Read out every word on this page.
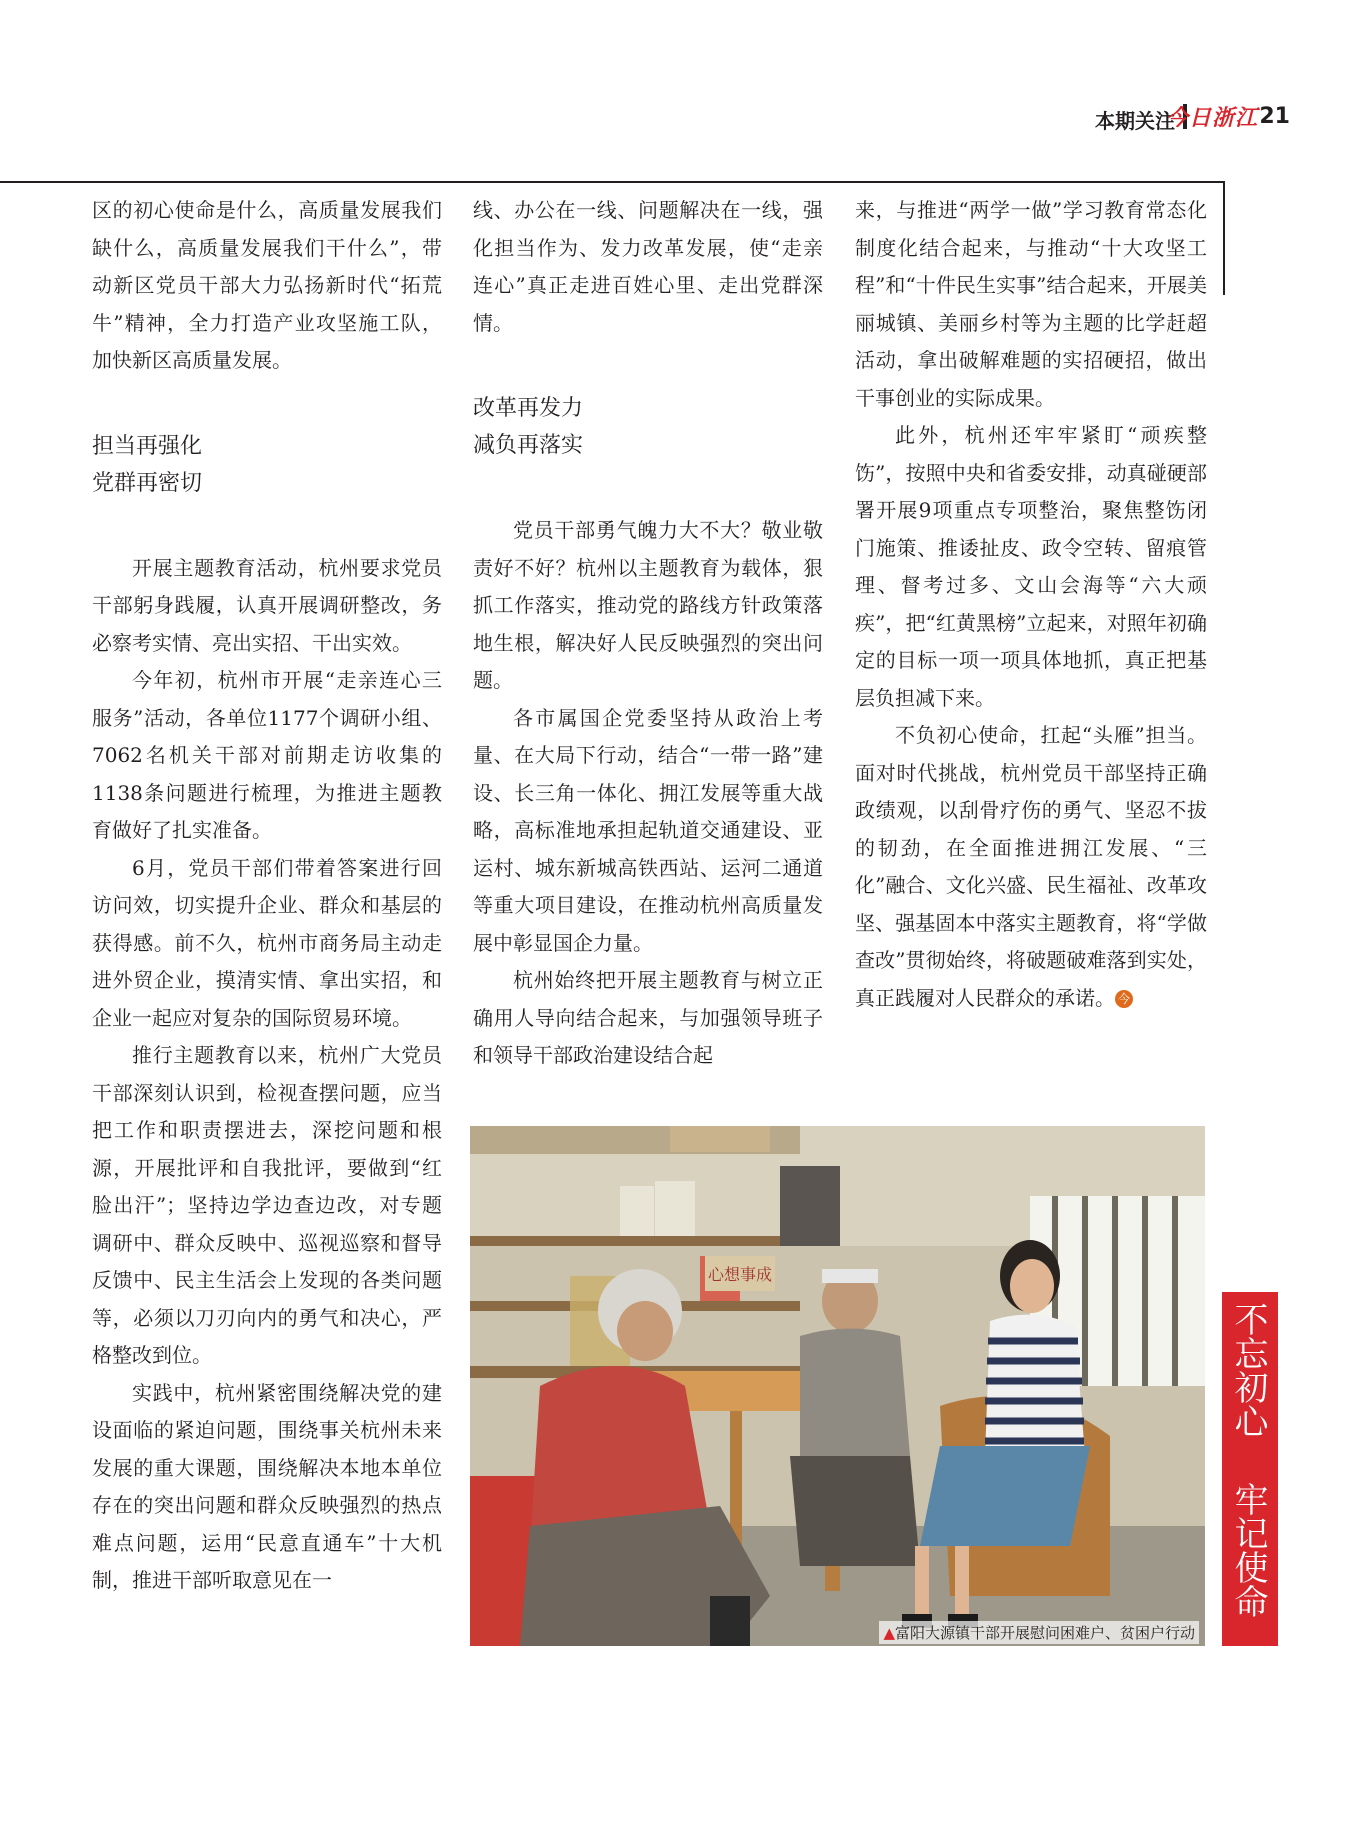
本期关注
今日浙江 21

区的初心使命是什么，高质量发展我们缺什么，高质量发展我们干什么”，带动新区党员干部大力弘扬新时代“拓荒牛”精神，全力打造产业攻坚施工队，加快新区高质量发展。

担当再强化
党群再密切

开展主题教育活动，杭州要求党员干部躬身践履，认真开展调研整改，务必察考实情、亮出实招、干出实效。

今年初，杭州市开展“走亲连心三服务”活动，各单位1177个调研小组、7062名机关干部对前期走访收集的1138条问题进行梳理，为推进主题教育做好了扎实准备。

6月，党员干部们带着答案进行回访问效，切实提升企业、群众和基层的获得感。前不久，杭州市商务局主动走进外贸企业，摸清实情、拿出实招，和企业一起应对复杂的国际贸易环境。

推行主题教育以来，杭州广大党员干部深刻认识到，检视查摆问题，应当把工作和职责摆进去，深挖问题和根源，开展批评和自我批评，要做到“红脸出汗”；坚持边学边查边改，对专题调研中、群众反映中、巡视巡察和督导反馈中、民主生活会上发现的各类问题等，必须以刀刃向内的勇气和决心，严格整改到位。

实践中，杭州紧密围绕解决党的建设面临的紧迫问题，围绕事关杭州未来发展的重大课题，围绕解决本地本单位存在的突出问题和群众反映强烈的热点难点问题，运用“民意直通车”十大机制，推进干部听取意见在一

线、办公在一线、问题解决在一线，强化担当作为、发力改革发展，使“走亲连心”真正走进百姓心里、走出党群深情。

改革再发力
减负再落实

党员干部勇气魄力大不大？敬业敬责好不好？杭州以主题教育为载体，狠抓工作落实，推动党的路线方针政策落地生根，解决好人民反映强烈的突出问题。

各市属国企党委坚持从政治上考量、在大局下行动，结合“一带一路”建设、长三角一体化、拥江发展等重大战略，高标准地承担起轨道交通建设、亚运村、城东新城高铁西站、运河二通道等重大项目建设，在推动杭州高质量发展中彰显国企力量。

杭州始终把开展主题教育与树立正确用人导向结合起来，与加强领导班子和领导干部政治建设结合起

来，与推进“两学一做”学习教育常态化制度化结合起来，与推动“十大攻坚工程”和“十件民生实事”结合起来，开展美丽城镇、美丽乡村等为主题的比学赶超活动，拿出破解难题的实招硬招，做出干事创业的实际成果。

此外，杭州还牢牢紧盯“顽疾整饬”，按照中央和省委安排，动真碰硬部署开展9项重点专项整治，聚焦整饬闭门施策、推诿扯皮、政令空转、留痕管理、督考过多、文山会海等“六大顽疾”，把“红黄黑榜”立起来，对照年初确定的目标一项一项具体地抓，真正把基层负担减下来。

不负初心使命，扛起“头雁”担当。面对时代挑战，杭州党员干部坚持正确政绩观，以刮骨疗伤的勇气、坚忍不拔的韧劲，在全面推进拥江发展、“三化”融合、文化兴盛、民生福祉、改革攻坚、强基固本中落实主题教育，将“学做查改”贯彻始终，将破题破难落到实处，真正践履对人民群众的承诺。 今

心想事成
▲富阳大源镇干部开展慰问困难户、贫困户行动
不忘初心
牢记使命
